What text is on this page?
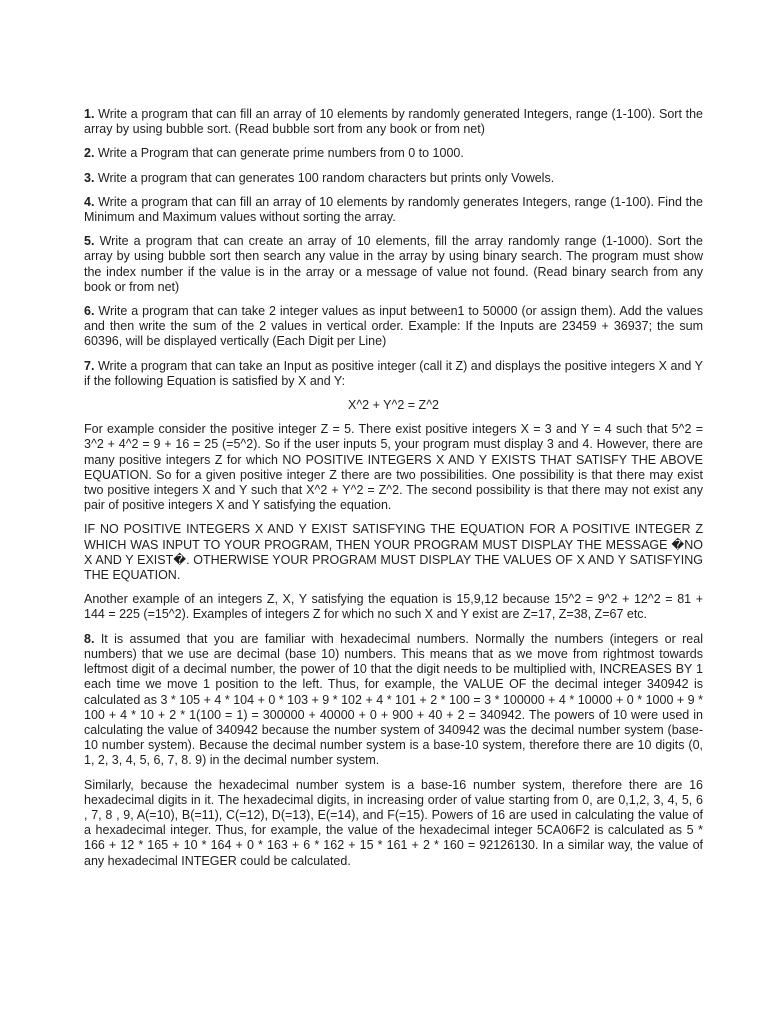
1. Write a program that can fill an array of 10 elements by randomly generated Integers, range (1-100). Sort the array by using bubble sort. (Read bubble sort from any book or from net)

2. Write a Program that can generate prime numbers from 0 to 1000.

3. Write a program that can generates 100 random characters but prints only Vowels.

4. Write a program that can fill an array of 10 elements by randomly generates Integers, range (1-100). Find the Minimum and Maximum values without sorting the array.

5. Write a program that can create an array of 10 elements, fill the array randomly range (1-1000). Sort the array by using bubble sort then search any value in the array by using binary search. The program must show the index number if the value is in the array or a message of value not found. (Read binary search from any book or from net)

6. Write a program that can take 2 integer values as input between1 to 50000 (or assign them). Add the values and then write the sum of the 2 values in vertical order. Example: If the Inputs are 23459 + 36937; the sum 60396, will be displayed vertically (Each Digit per Line)

7. Write a program that can take an Input as positive integer (call it Z) and displays the positive integers X and Y if the following Equation is satisfied by X and Y:

X^2 + Y^2 = Z^2

For example consider the positive integer Z = 5. There exist positive integers X = 3 and Y = 4 such that 5^2 = 3^2 + 4^2 = 9 + 16 = 25 (=5^2). So if the user inputs 5, your program must display 3 and 4. However, there are many positive integers Z for which NO POSITIVE INTEGERS X AND Y EXISTS THAT SATISFY THE ABOVE EQUATION. So for a given positive integer Z there are two possibilities. One possibility is that there may exist two positive integers X and Y such that X^2 + Y^2 = Z^2. The second possibility is that there may not exist any pair of positive integers X and Y satisfying the equation.

IF NO POSITIVE INTEGERS X AND Y EXIST SATISFYING THE EQUATION FOR A POSITIVE INTEGER Z WHICH WAS INPUT TO YOUR PROGRAM, THEN YOUR PROGRAM MUST DISPLAY THE MESSAGE �NO X AND Y EXIST�. OTHERWISE YOUR PROGRAM MUST DISPLAY THE VALUES OF X AND Y SATISFYING THE EQUATION.

Another example of an integers Z, X, Y satisfying the equation is 15,9,12 because 15^2 = 9^2 + 12^2 = 81 + 144 = 225 (=15^2). Examples of integers Z for which no such X and Y exist are Z=17, Z=38, Z=67 etc.

8. It is assumed that you are familiar with hexadecimal numbers. Normally the numbers (integers or real numbers) that we use are decimal (base 10) numbers. This means that as we move from rightmost towards leftmost digit of a decimal number, the power of 10 that the digit needs to be multiplied with, INCREASES BY 1 each time we move 1 position to the left. Thus, for example, the VALUE OF the decimal integer 340942 is calculated as 3 * 105 + 4 * 104 + 0 * 103 + 9 * 102 + 4 * 101 + 2 * 100 = 3 * 100000 + 4 * 10000 + 0 * 1000 + 9 * 100 + 4 * 10 + 2 * 1(100 = 1) = 300000 + 40000 + 0 + 900 + 40 + 2 = 340942. The powers of 10 were used in calculating the value of 340942 because the number system of 340942 was the decimal number system (base-10 number system). Because the decimal number system is a base-10 system, therefore there are 10 digits (0, 1, 2, 3, 4, 5, 6, 7, 8. 9) in the decimal number system.

Similarly, because the hexadecimal number system is a base-16 number system, therefore there are 16 hexadecimal digits in it. The hexadecimal digits, in increasing order of value starting from 0, are 0,1,2, 3, 4, 5, 6 , 7, 8 , 9, A(=10), B(=11), C(=12), D(=13), E(=14), and F(=15). Powers of 16 are used in calculating the value of a hexadecimal integer. Thus, for example, the value of the hexadecimal integer 5CA06F2 is calculated as 5 * 166 + 12 * 165 + 10 * 164 + 0 * 163 + 6 * 162 + 15 * 161 + 2 * 160 = 92126130. In a similar way, the value of any hexadecimal INTEGER could be calculated.
